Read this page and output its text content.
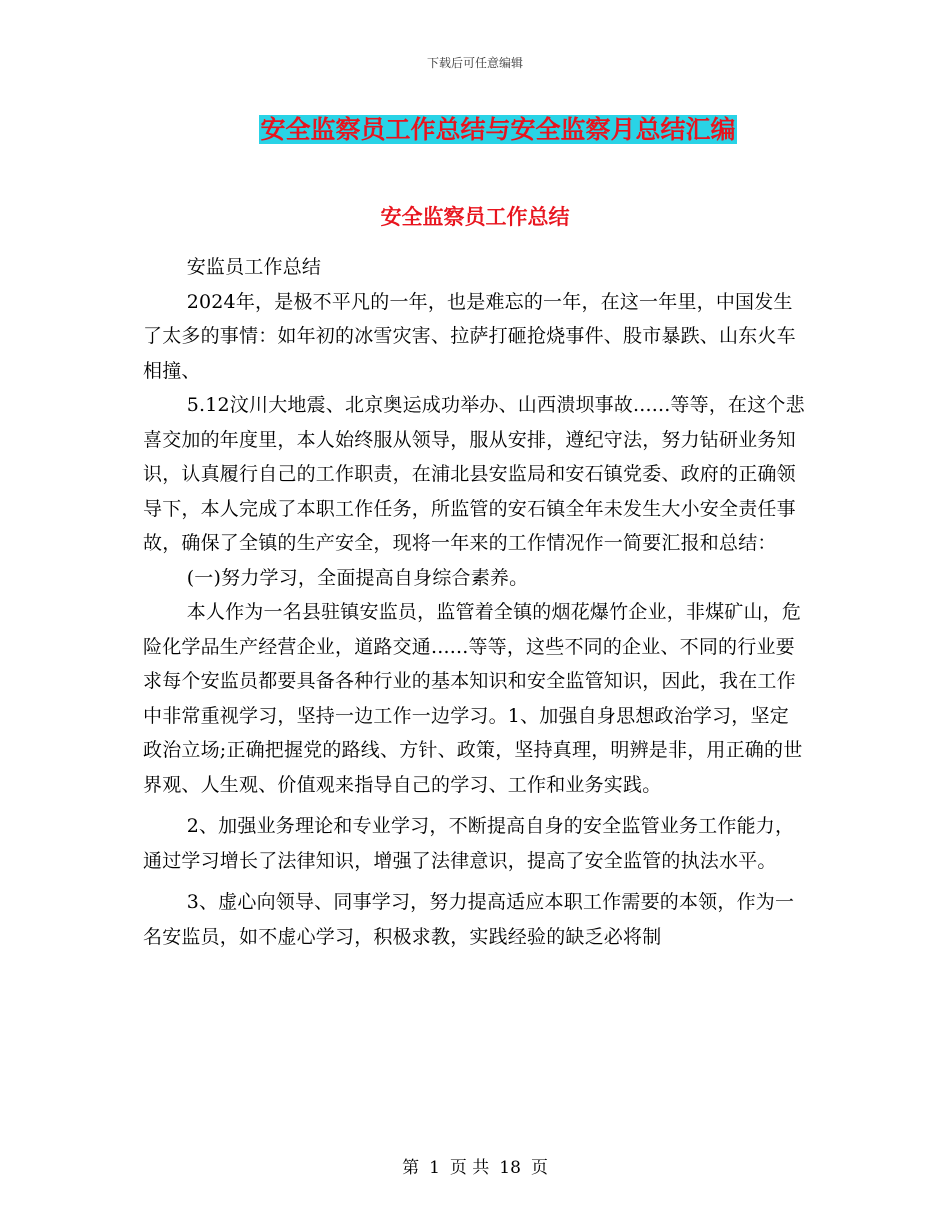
下载后可任意编辑
安全监察员工作总结与安全监察月总结汇编
安全监察员工作总结

安监员工作总结

2024年，是极不平凡的一年，也是难忘的一年，在这一年里，中国发生了太多的事情：如年初的冰雪灾害、拉萨打砸抢烧事件、股市暴跌、山东火车相撞、

5.12汶川大地震、北京奥运成功举办、山西溃坝事故......等等，在这个悲喜交加的年度里，本人始终服从领导，服从安排，遵纪守法，努力钻研业务知识，认真履行自己的工作职责，在浦北县安监局和安石镇党委、政府的正确领导下，本人完成了本职工作任务，所监管的安石镇全年未发生大小安全责任事故，确保了全镇的生产安全，现将一年来的工作情况作一简要汇报和总结：

(一)努力学习，全面提高自身综合素养。

本人作为一名县驻镇安监员，监管着全镇的烟花爆竹企业，非煤矿山，危险化学品生产经营企业，道路交通......等等，这些不同的企业、不同的行业要求每个安监员都要具备各种行业的基本知识和安全监管知识，因此，我在工作中非常重视学习，坚持一边工作一边学习。1、加强自身思想政治学习，坚定政治立场;正确把握党的路线、方针、政策，坚持真理，明辨是非，用正确的世界观、人生观、价值观来指导自己的学习、工作和业务实践。

2、加强业务理论和专业学习，不断提高自身的安全监管业务工作能力，通过学习增长了法律知识，增强了法律意识，提高了安全监管的执法水平。

3、虚心向领导、同事学习，努力提高适应本职工作需要的本领，作为一名安监员，如不虚心学习，积极求教，实践经验的缺乏必将制

第 1 页 共 18 页
